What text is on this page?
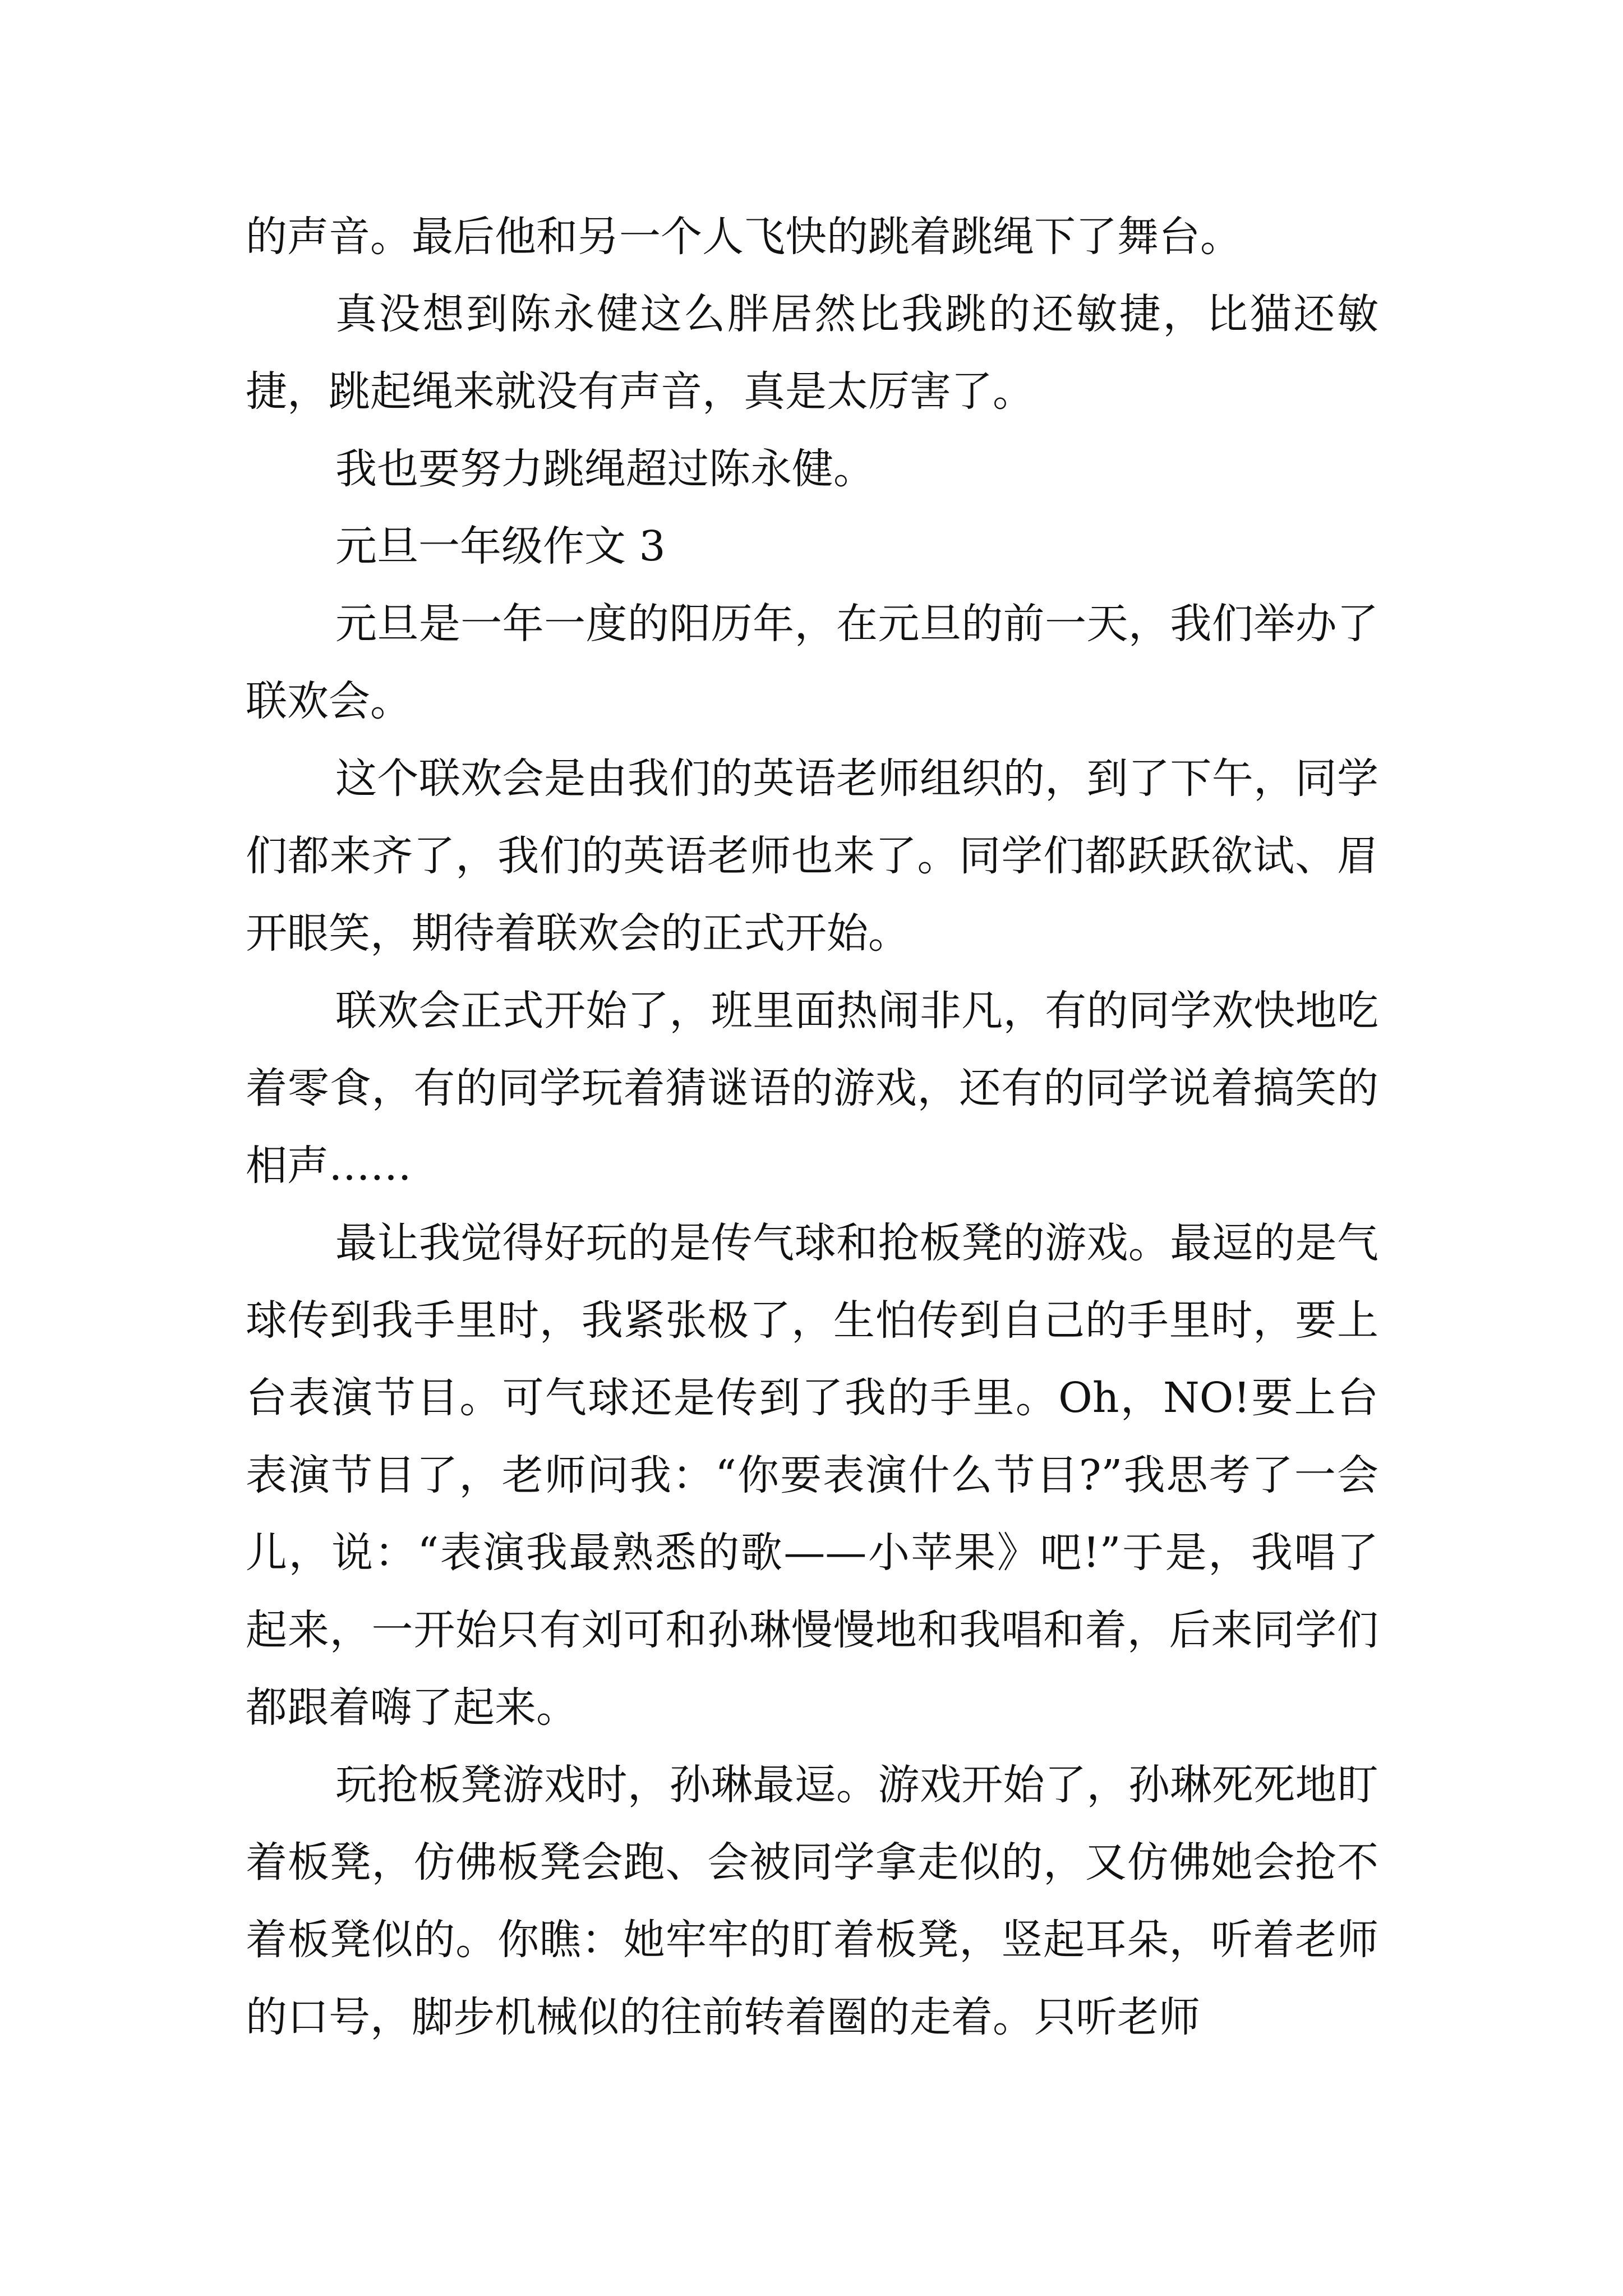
的声音。最后他和另一个人飞快的跳着跳绳下了舞台。

真没想到陈永健这么胖居然比我跳的还敏捷，比猫还敏捷，跳起绳来就没有声音，真是太厉害了。

我也要努力跳绳超过陈永健。

元旦一年级作文 3

元旦是一年一度的阳历年，在元旦的前一天，我们举办了联欢会。

这个联欢会是由我们的英语老师组织的，到了下午，同学们都来齐了，我们的英语老师也来了。同学们都跃跃欲试、眉开眼笑，期待着联欢会的正式开始。

联欢会正式开始了，班里面热闹非凡，有的同学欢快地吃着零食，有的同学玩着猜谜语的游戏，还有的同学说着搞笑的相声……

最让我觉得好玩的是传气球和抢板凳的游戏。最逗的是气球传到我手里时，我紧张极了，生怕传到自己的手里时，要上台表演节目。可气球还是传到了我的手里。Oh，NO!要上台表演节目了，老师问我：“你要表演什么节目?”我思考了一会儿，说：“表演我最熟悉的歌——小苹果》吧!”于是，我唱了起来，一开始只有刘可和孙琳慢慢地和我唱和着，后来同学们都跟着嗨了起来。

玩抢板凳游戏时，孙琳最逗。游戏开始了，孙琳死死地盯着板凳，仿佛板凳会跑、会被同学拿走似的，又仿佛她会抢不着板凳似的。你瞧：她牢牢的盯着板凳，竖起耳朵，听着老师的口号，脚步机械似的往前转着圈的走着。只听老师
